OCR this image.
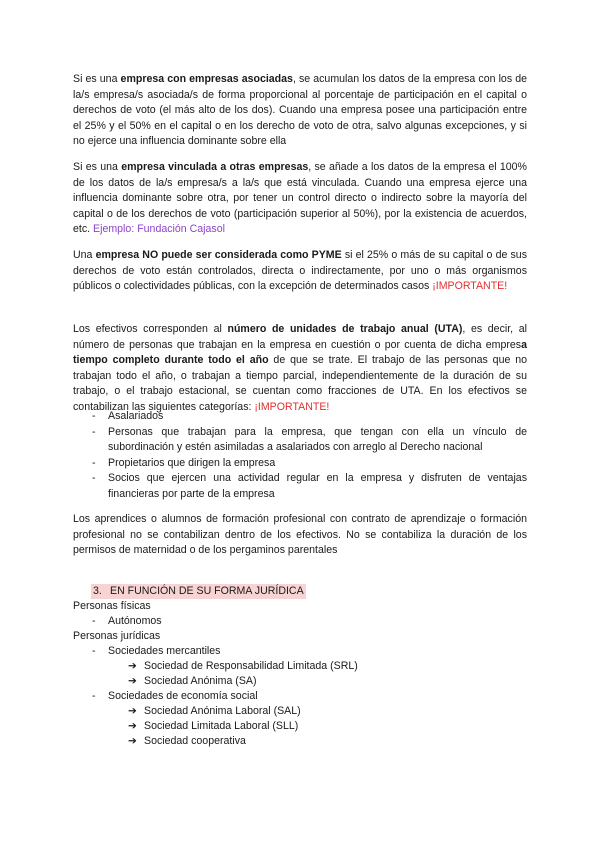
Si es una empresa con empresas asociadas, se acumulan los datos de la empresa con los de la/s empresa/s asociada/s de forma proporcional al porcentaje de participación en el capital o derechos de voto (el más alto de los dos). Cuando una empresa posee una participación entre el 25% y el 50% en el capital o en los derecho de voto de otra, salvo algunas excepciones, y si no ejerce una influencia dominante sobre ella

Si es una empresa vinculada a otras empresas, se añade a los datos de la empresa el 100% de los datos de la/s empresa/s a la/s que está vinculada. Cuando una empresa ejerce una influencia dominante sobre otra, por tener un control directo o indirecto sobre la mayoría del capital o de los derechos de voto (participación superior al 50%), por la existencia de acuerdos, etc. Ejemplo: Fundación Cajasol

Una empresa NO puede ser considerada como PYME si el 25% o más de su capital o de sus derechos de voto están controlados, directa o indirectamente, por uno o más organismos públicos o colectividades públicas, con la excepción de determinados casos ¡IMPORTANTE!

Los efectivos corresponden al número de unidades de trabajo anual (UTA), es decir, al número de personas que trabajan en la empresa en cuestión o por cuenta de dicha empresa tiempo completo durante todo el año de que se trate. El trabajo de las personas que no trabajan todo el año, o trabajan a tiempo parcial, independientemente de la duración de su trabajo, o el trabajo estacional, se cuentan como fracciones de UTA. En los efectivos se contabilizan las siguientes categorías: ¡IMPORTANTE!

- Asalariados
- Personas que trabajan para la empresa, que tengan con ella un vínculo de subordinación y estén asimiladas a asalariados con arreglo al Derecho nacional
- Propietarios que dirigen la empresa
- Socios que ejercen una actividad regular en la empresa y disfruten de ventajas financieras por parte de la empresa

Los aprendices o alumnos de formación profesional con contrato de aprendizaje o formación profesional no se contabilizan dentro de los efectivos. No se contabiliza la duración de los permisos de maternidad o de los pergaminos parentales

3. EN FUNCIÓN DE SU FORMA JURÍDICA
Personas físicas
- Autónomos
Personas jurídicas
- Sociedades mercantiles
➔ Sociedad de Responsabilidad Limitada (SRL)
➔ Sociedad Anónima (SA)
- Sociedades de economía social
➔ Sociedad Anónima Laboral (SAL)
➔ Sociedad Limitada Laboral (SLL)
➔ Sociedad cooperativa
